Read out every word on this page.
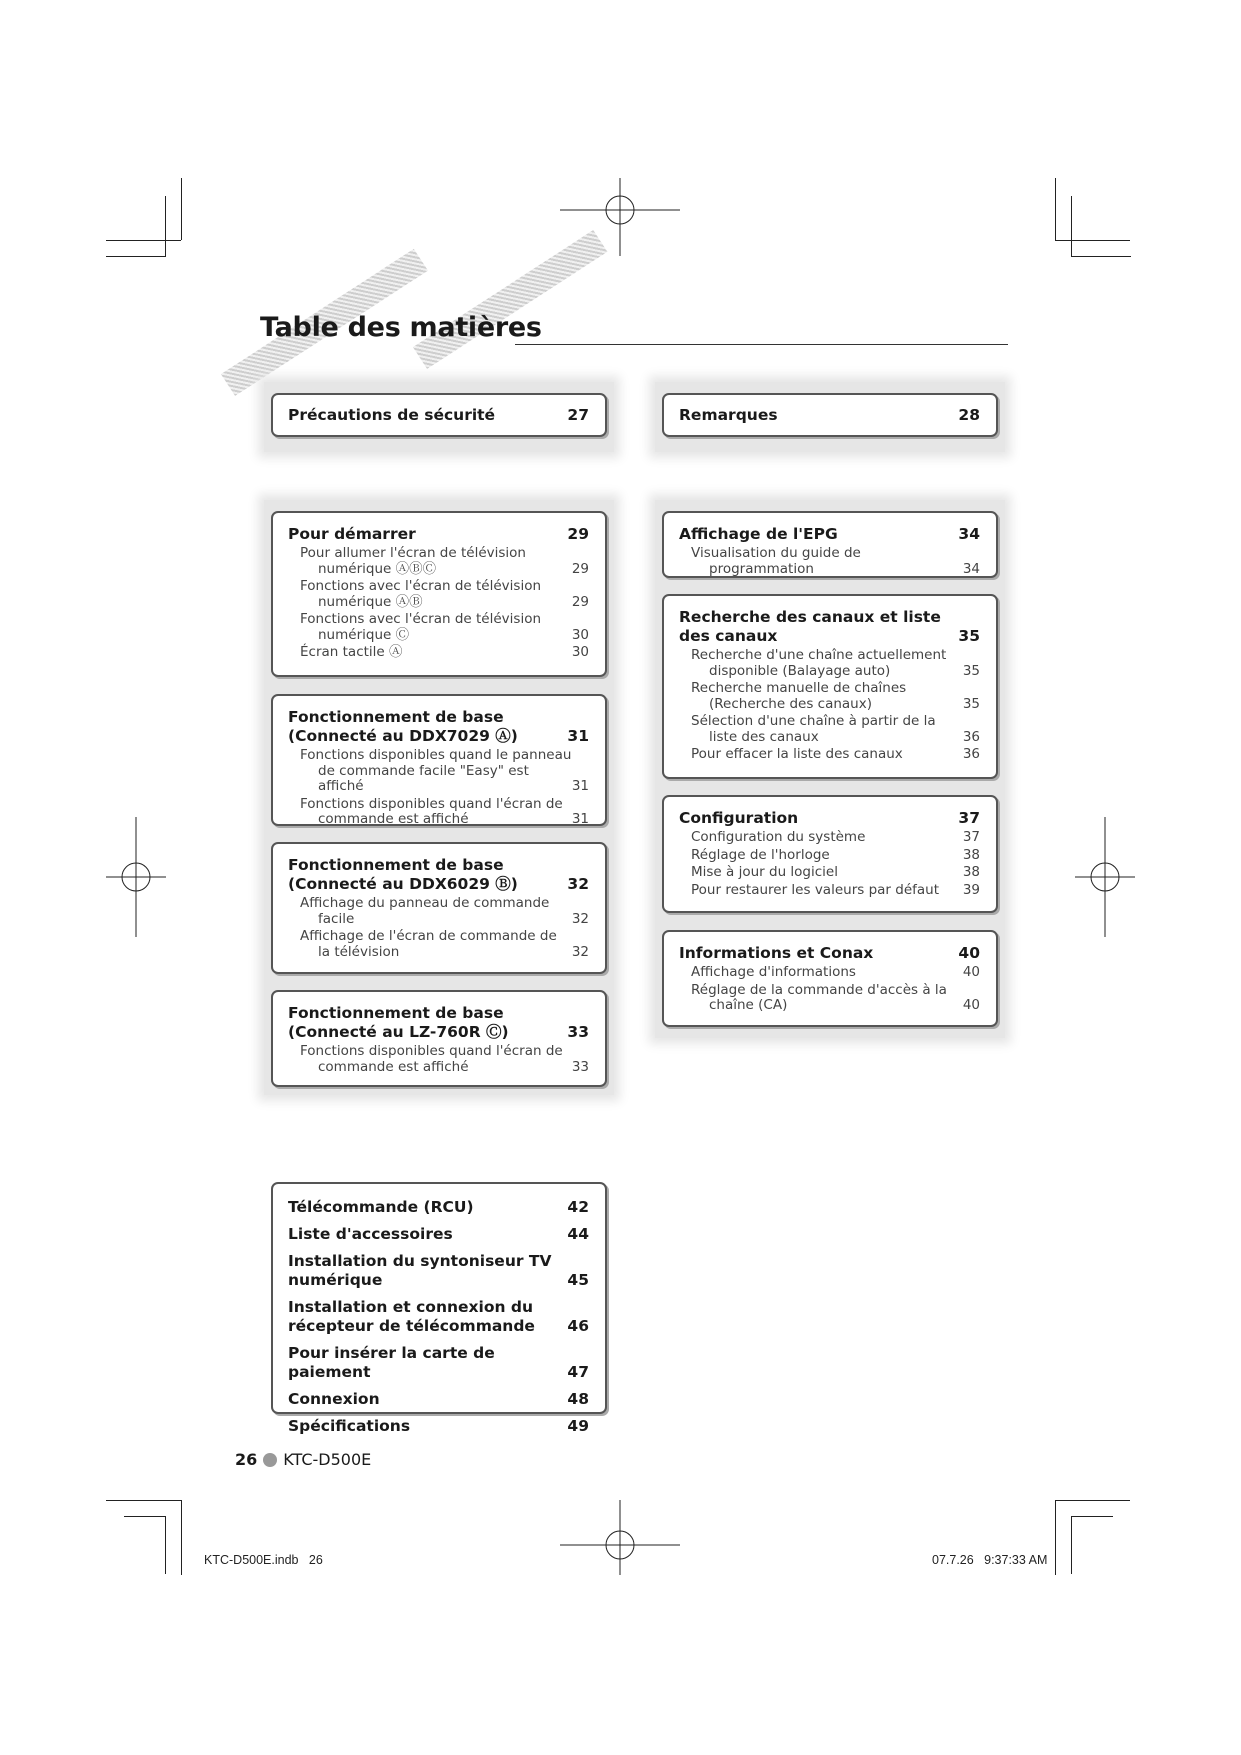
Table des matières
Précautions de sécurité	27	Remarques	28
Pour démarrer	29
Pour allumer l'écran de télévision numérique ⒶⒷⒸ	29
Fonctions avec l'écran de télévision numérique ⒶⒷ	29
Fonctions avec l'écran de télévision numérique Ⓒ	30
Écran tactile Ⓐ	30
Fonctionnement de base (Connecté au DDX7029 Ⓐ)	31
Fonctions disponibles quand le panneau de commande facile "Easy" est affiché	31
Fonctions disponibles quand l'écran de commande est affiché	31
Fonctionnement de base (Connecté au DDX6029 Ⓑ)	32
Affichage du panneau de commande facile	32
Affichage de l'écran de commande de la télévision	32
Fonctionnement de base (Connecté au LZ-760R Ⓒ)	33
Fonctions disponibles quand l'écran de commande est affiché	33
Affichage de l'EPG	34
Visualisation du guide de programmation	34
Recherche des canaux et liste des canaux	35
Recherche d'une chaîne actuellement disponible (Balayage auto)	35
Recherche manuelle de chaînes (Recherche des canaux)	35
Sélection d'une chaîne à partir de la liste des canaux	36
Pour effacer la liste des canaux	36
Configuration	37
Configuration du système	37
Réglage de l'horloge	38
Mise à jour du logiciel	38
Pour restaurer les valeurs par défaut 39
Informations et Conax	40
Affichage d'informations	40
Réglage de la commande d'accès à la chaîne (CA)	40
Télécommande (RCU)	42
Liste d'accessoires	44
Installation du syntoniseur TV numérique	45
Installation et connexion du récepteur de télécommande	46
Pour insérer la carte de paiement	47
Connexion	48
Spécifications	49
26 KTC-D500E
KTC-D500E.indb   26	07.7.26   9:37:33 AM
